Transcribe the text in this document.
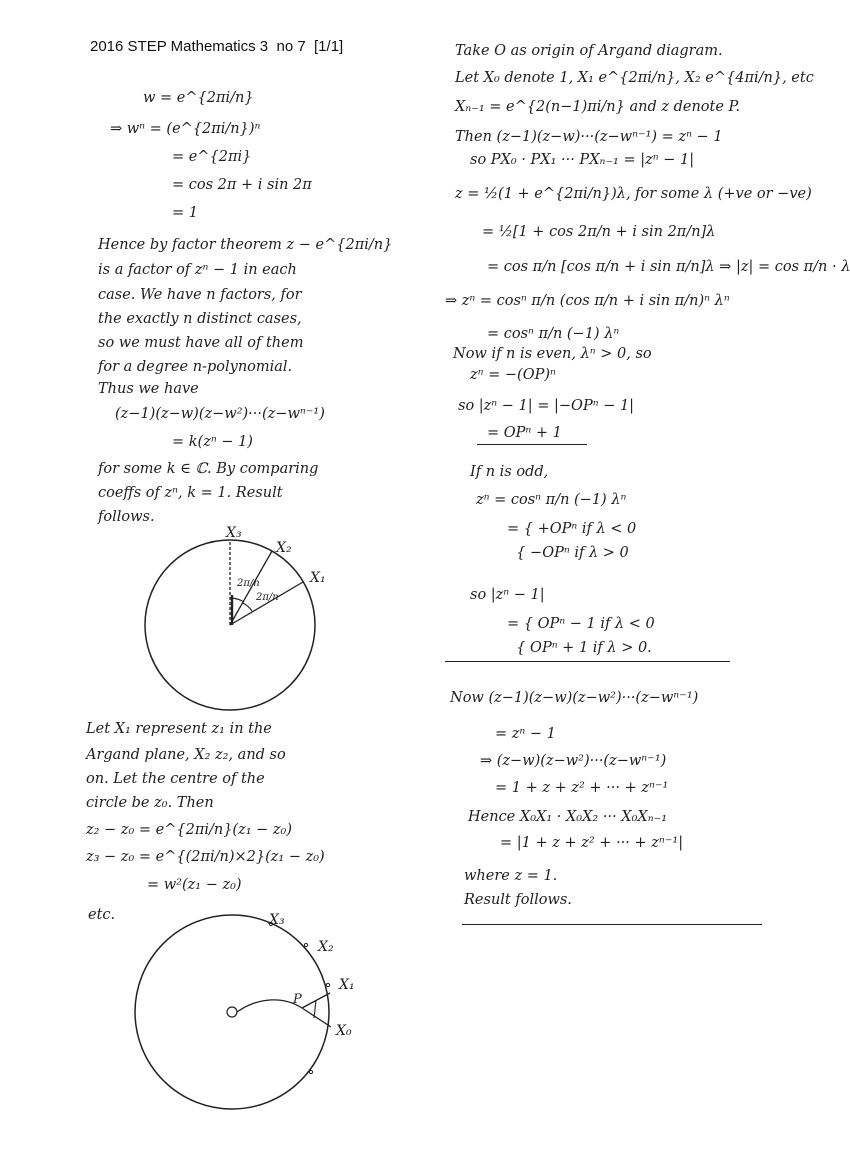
2016 STEP Mathematics 3  no 7  [1/1]
w = e^{2πi/n}
⇒ wⁿ = (e^{2πi/n})ⁿ
= e^{2πi}
= cos 2π + i sin 2π
= 1
Hence by factor theorem z − e^{2πi/n}
is a factor of zⁿ − 1 in each
case. We have n factors, for
the exactly n distinct cases,
so we must have all of them
for a degree n-polynomial.
Thus we have
(z−1)(z−w)(z−w²)···(z−wⁿ⁻¹)
= k(zⁿ − 1)
for some k ∈ ℂ. By comparing
coeffs of zⁿ, k = 1. Result
follows.
X₃
X₂
X₁
2π/n
2π/n
Let X₁ represent z₁ in the
Argand plane, X₂ z₂, and so
on. Let the centre of the
circle be z₀. Then
z₂ − z₀ = e^{2πi/n}(z₁ − z₀)
z₃ − z₀ = e^{(2πi/n)×2}(z₁ − z₀)
= w²(z₁ − z₀)
etc.	X₃
X₂
X₁
P
X₀
Take O as origin of Argand diagram.
Let X₀ denote 1, X₁ e^{2πi/n}, X₂ e^{4πi/n}, etc
Xₙ₋₁ = e^{2(n−1)πi/n} and z denote P.
Then (z−1)(z−w)···(z−wⁿ⁻¹) = zⁿ − 1
so PX₀ · PX₁ ··· PXₙ₋₁ = |zⁿ − 1|
z = ½(1 + e^{2πi/n})λ, for some λ (+ve or −ve)
= ½[1 + cos 2π/n + i sin 2π/n]λ
= cos π/n [cos π/n + i sin π/n]λ ⇒ |z| = cos π/n · λ
⇒ zⁿ = cosⁿ π/n (cos π/n + i sin π/n)ⁿ λⁿ
= cosⁿ π/n (−1) λⁿ
Now if n is even, λⁿ > 0, so
zⁿ = −(OP)ⁿ
so |zⁿ − 1| = |−OPⁿ − 1|
= OPⁿ + 1
If n is odd,
zⁿ = cosⁿ π/n (−1) λⁿ
= { +OPⁿ if λ < 0
{ −OPⁿ if λ > 0
so |zⁿ − 1|
= { OPⁿ − 1 if λ < 0
{ OPⁿ + 1 if λ > 0.
Now (z−1)(z−w)(z−w²)···(z−wⁿ⁻¹)
= zⁿ − 1
⇒ (z−w)(z−w²)···(z−wⁿ⁻¹)
= 1 + z + z² + ··· + zⁿ⁻¹
Hence X₀X₁ · X₀X₂ ··· X₀Xₙ₋₁
= |1 + z + z² + ··· + zⁿ⁻¹|
where z = 1.
Result follows.
